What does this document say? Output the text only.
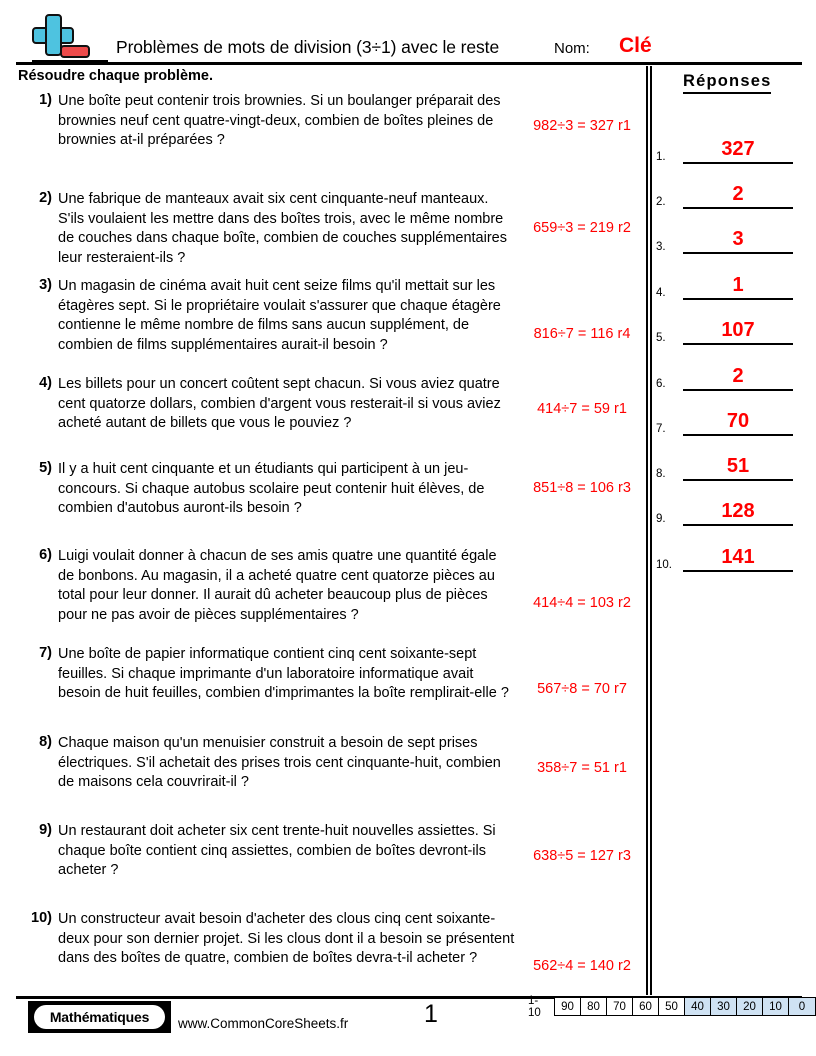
Problèmes de mots de division (3÷1) avec le reste	Nom: Clé
Résoudre chaque problème.
1) Une boîte peut contenir trois brownies. Si un boulanger préparait des brownies neuf cent quatre-vingt-deux, combien de boîtes pleines de brownies at-il préparées ?
982÷3 = 327 r1
2) Une fabrique de manteaux avait six cent cinquante-neuf manteaux. S'ils voulaient les mettre dans des boîtes trois, avec le même nombre de couches dans chaque boîte, combien de couches supplémentaires leur resteraient-ils ?
659÷3 = 219 r2
3) Un magasin de cinéma avait huit cent seize films qu'il mettait sur les étagères sept. Si le propriétaire voulait s'assurer que chaque étagère contienne le même nombre de films sans aucun supplément, de combien de films supplémentaires aurait-il besoin ?
816÷7 = 116 r4
4) Les billets pour un concert coûtent sept chacun. Si vous aviez quatre cent quatorze dollars, combien d'argent vous resterait-il si vous aviez acheté autant de billets que vous le pouviez ?
414÷7 = 59 r1
5) Il y a huit cent cinquante et un étudiants qui participent à un jeu-concours. Si chaque autobus scolaire peut contenir huit élèves, de combien d'autobus auront-ils besoin ?
851÷8 = 106 r3
6) Luigi voulait donner à chacun de ses amis quatre une quantité égale de bonbons. Au magasin, il a acheté quatre cent quatorze pièces au total pour leur donner. Il aurait dû acheter beaucoup plus de pièces pour ne pas avoir de pièces supplémentaires ?
414÷4 = 103 r2
7) Une boîte de papier informatique contient cinq cent soixante-sept feuilles. Si chaque imprimante d'un laboratoire informatique avait besoin de huit feuilles, combien d'imprimantes la boîte remplirait-elle ?	567÷8 = 70 r7
8) Chaque maison qu'un menuisier construit a besoin de sept prises électriques. S'il achetait des prises trois cent cinquante-huit, combien de maisons cela couvrirait-il ?
358÷7 = 51 r1
9) Un restaurant doit acheter six cent trente-huit nouvelles assiettes. Si chaque boîte contient cinq assiettes, combien de boîtes devront-ils acheter ?
638÷5 = 127 r3
10) Un constructeur avait besoin d'acheter des clous cinq cent soixante-deux pour son dernier projet. Si les clous dont il a besoin se présentent dans des boîtes de quatre, combien de boîtes devra-t-il acheter ?	562÷4 = 140 r2
Réponses
1.	327
2.	2
3.	3
4.	1
5.	107
6.	2
7.	70
8.	51
9.	128
10.	141
Mathématiques www.CommonCoreSheets.fr	1	1-10	90	80	70	60	50	40	30	20	10	0
